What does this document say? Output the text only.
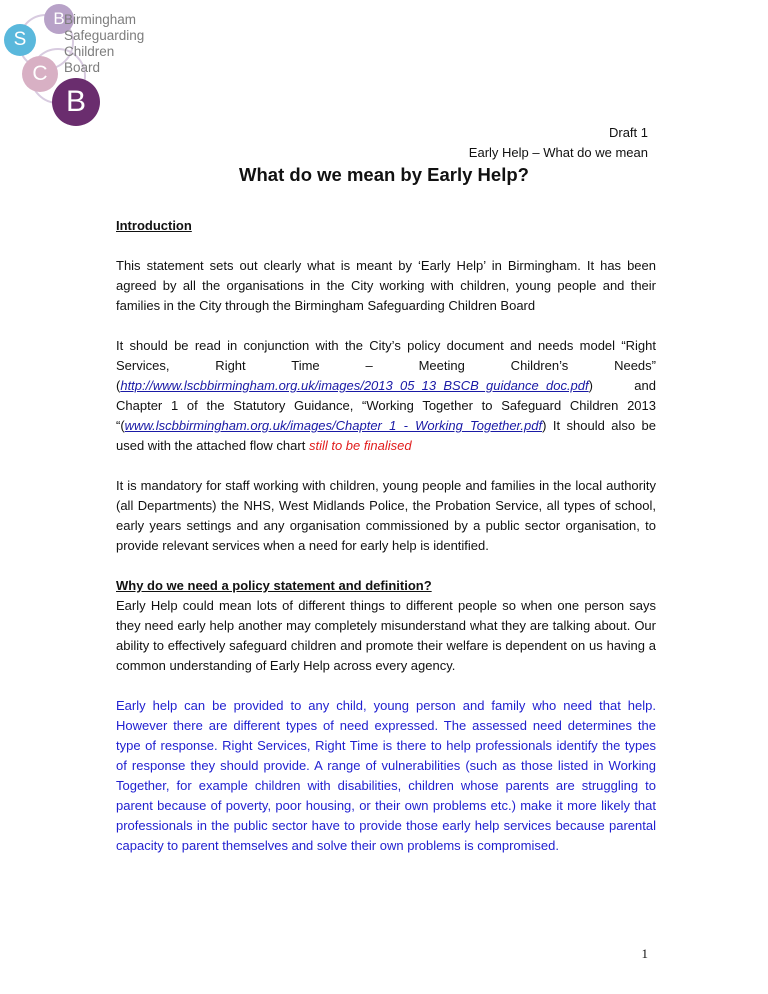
B
S
C
B
Birmingham
Safeguarding
Children
Board
Draft 1
Early Help – What do we mean
What do we mean by Early Help?

Introduction

This statement sets out clearly what is meant by ‘Early Help’ in Birmingham. It has been agreed by all the organisations in the City working with children, young people and their families in the City through the Birmingham Safeguarding Children Board

It should be read in conjunction with the City’s policy document and needs model “Right Services, Right Time – Meeting Children’s Needs” (http://www.lscbbirmingham.org.uk/images/2013_05_13_BSCB_guidance_doc.pdf) and Chapter 1 of the Statutory Guidance, “Working Together to Safeguard Children 2013 “(www.lscbbirmingham.org.uk/images/Chapter_1_-_Working_Together.pdf) It should also be used with the attached flow chart still to be finalised

It is mandatory for staff working with children, young people and families in the local authority (all Departments) the NHS, West Midlands Police, the Probation Service, all types of school, early years settings and any organisation commissioned by a public sector organisation, to provide relevant services when a need for early help is identified.

Why do we need a policy statement and definition?

Early Help could mean lots of different things to different people so when one person says they need early help another may completely misunderstand what they are talking about. Our ability to effectively safeguard children and promote their welfare is dependent on us having a common understanding of Early Help across every agency.

Early help can be provided to any child, young person and family who need that help. However there are different types of need expressed. The assessed need determines the type of response. Right Services, Right Time is there to help professionals identify the types of response they should provide. A range of vulnerabilities (such as those listed in Working Together, for example children with disabilities, children whose parents are struggling to parent because of poverty, poor housing, or their own problems etc.) make it more likely that professionals in the public sector have to provide those early help services because parental capacity to parent themselves and solve their own problems is compromised.

1
